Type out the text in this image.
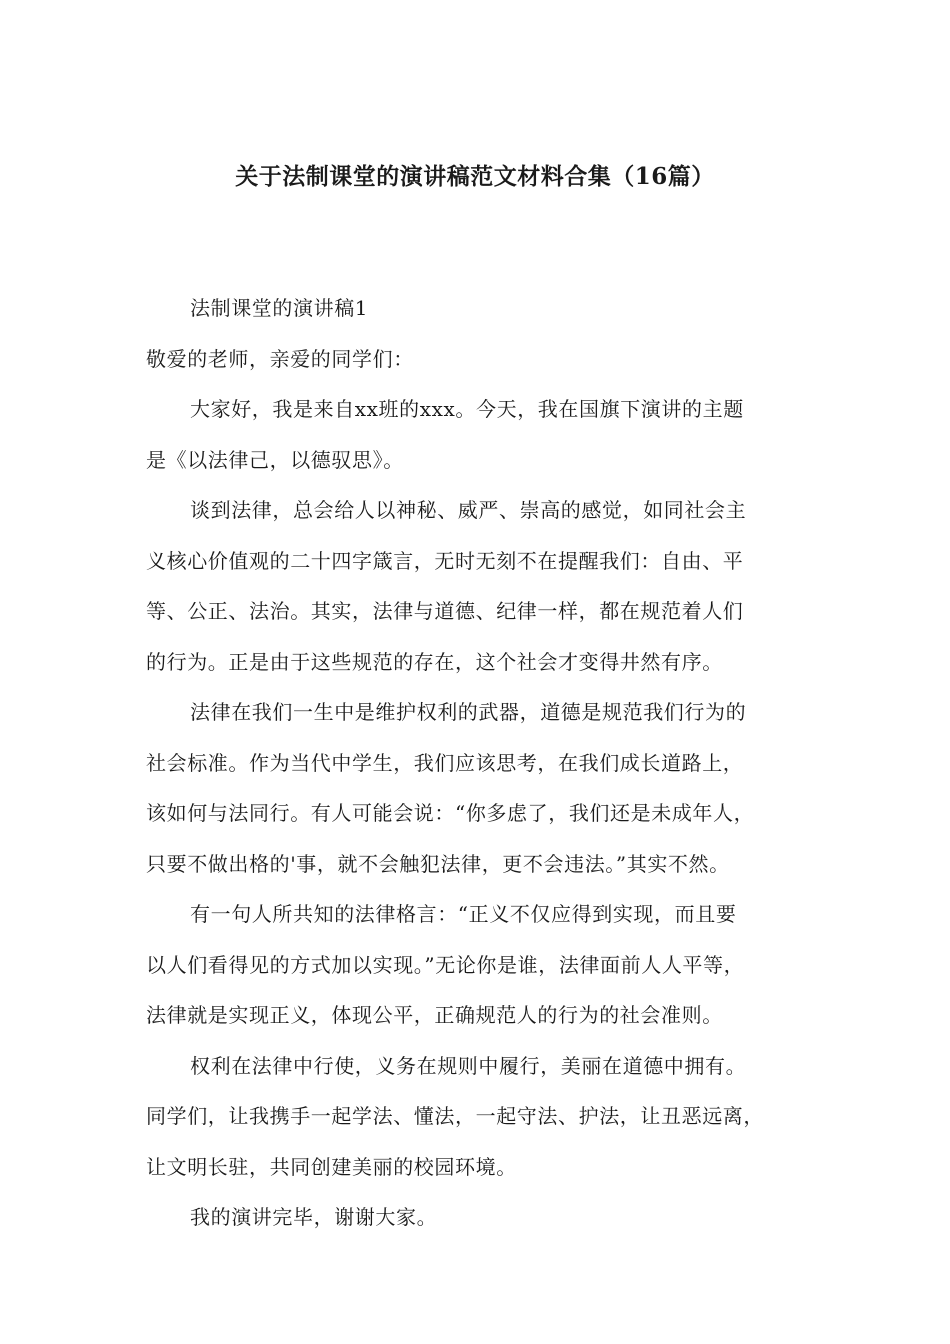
关于法制课堂的演讲稿范文材料合集（16篇）
法制课堂的演讲稿1
敬爱的老师，亲爱的同学们：
大家好，我是来自xx班的xxx。今天，我在国旗下演讲的主题
是《以法律己，以德驭思》。
谈到法律，总会给人以神秘、威严、崇高的感觉，如同社会主
义核心价值观的二十四字箴言，无时无刻不在提醒我们：自由、平
等、公正、法治。其实，法律与道德、纪律一样，都在规范着人们
的行为。正是由于这些规范的存在，这个社会才变得井然有序。
法律在我们一生中是维护权利的武器，道德是规范我们行为的
社会标准。作为当代中学生，我们应该思考，在我们成长道路上，
该如何与法同行。有人可能会说：“你多虑了，我们还是未成年人，
只要不做出格的'事，就不会触犯法律，更不会违法。”其实不然。
有一句人所共知的法律格言：“正义不仅应得到实现，而且要
以人们看得见的方式加以实现。”无论你是谁，法律面前人人平等，
法律就是实现正义，体现公平，正确规范人的行为的社会准则。
权利在法律中行使，义务在规则中履行，美丽在道德中拥有。
同学们，让我携手一起学法、懂法，一起守法、护法，让丑恶远离，
让文明长驻，共同创建美丽的校园环境。
我的演讲完毕，谢谢大家。
